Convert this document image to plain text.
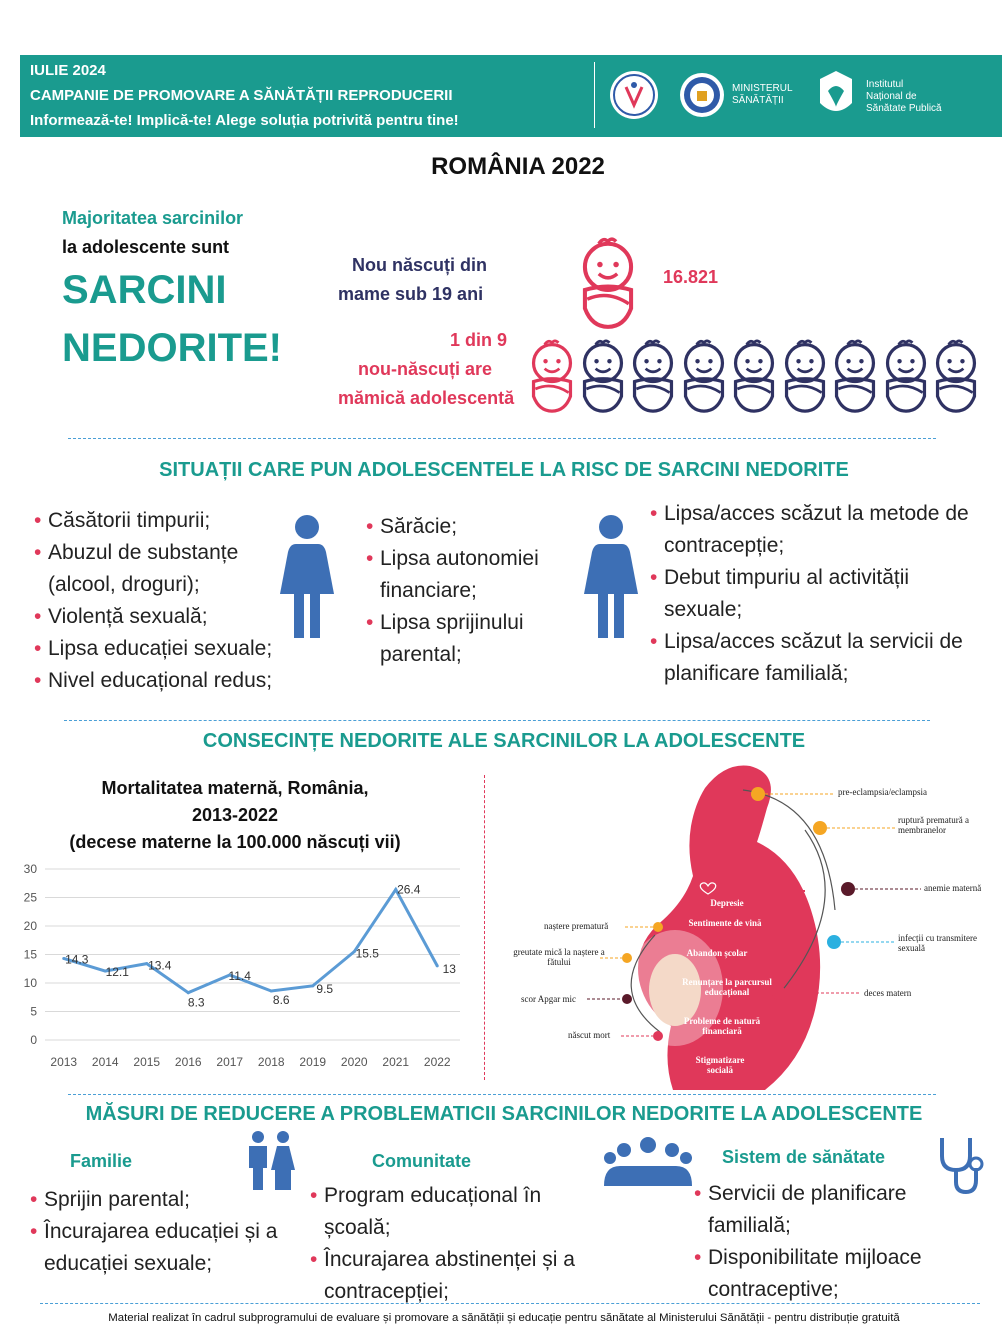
IULIE 2024
CAMPANIE DE PROMOVARE A SĂNĂTĂȚII REPRODUCERII
Informează-te! Implică-te! Alege soluția potrivită pentru tine!
MINISTERUL
SĂNĂTĂȚII
Institutul
Național de
Sănătate Publică
ROMÂNIA 2022
Majoritatea sarcinilor
la adolescente sunt
SARCINI
NEDORITE!
Nou născuți din
mame sub 19 ani
16.821
1 din 9
nou-născuți are
mămică adolescentă
SITUAȚII CARE PUN ADOLESCENTELE LA RISC DE SARCINI NEDORITE
• Căsătorii timpurii;
• Abuzul de substanțe (alcool, droguri);
• Violență sexuală;
• Lipsa educației sexuale;
• Nivel educațional redus;
• Sărăcie;
• Lipsa autonomiei financiare;
• Lipsa sprijinului parental;
• Lipsa/acces scăzut la metode de contracepție;
• Debut timpuriu al activității sexuale;
• Lipsa/acces scăzut la servicii de planificare familială;
CONSECINȚE NEDORITE ALE SARCINILOR LA ADOLESCENTE
Mortalitatea maternă, România,
2013-2022
(decese materne la 100.000 născuți vii)
0
5
10
15
20
25
30
2013 2014 2015 2016 2017 2018 2019 2020 2021 2022
14.3
12.1 13.4
8.3
11.4
8.6
9.5
15.5
26.4
13
pre-eclampsia/eclampsia
ruptură prematură a membranelor
anemie maternă
infecții cu transmitere sexuală
deces matern
naștere prematură
greutate mică la naștere a fătului
scor Apgar mic
născut mort
Depresie
Sentimente de vină
Abandon școlar
Renunțare la parcursul educațional
Probleme de natură financiară
Stigmatizare socială
MĂSURI DE REDUCERE A PROBLEMATICII SARCINILOR NEDORITE LA ADOLESCENTE
Familie
• Sprijin parental;
• Încurajarea educației și a educației sexuale;
Comunitate
• Program educațional în școală;
• Încurajarea abstinenței și a contracepției;
Sistem de sănătate
• Servicii de planificare familială;
• Disponibilitate mijloace contraceptive;
Material realizat în cadrul subprogramului de evaluare și promovare a sănătății și educație pentru sănătate al Ministerului Sănătății - pentru distribuție gratuită
